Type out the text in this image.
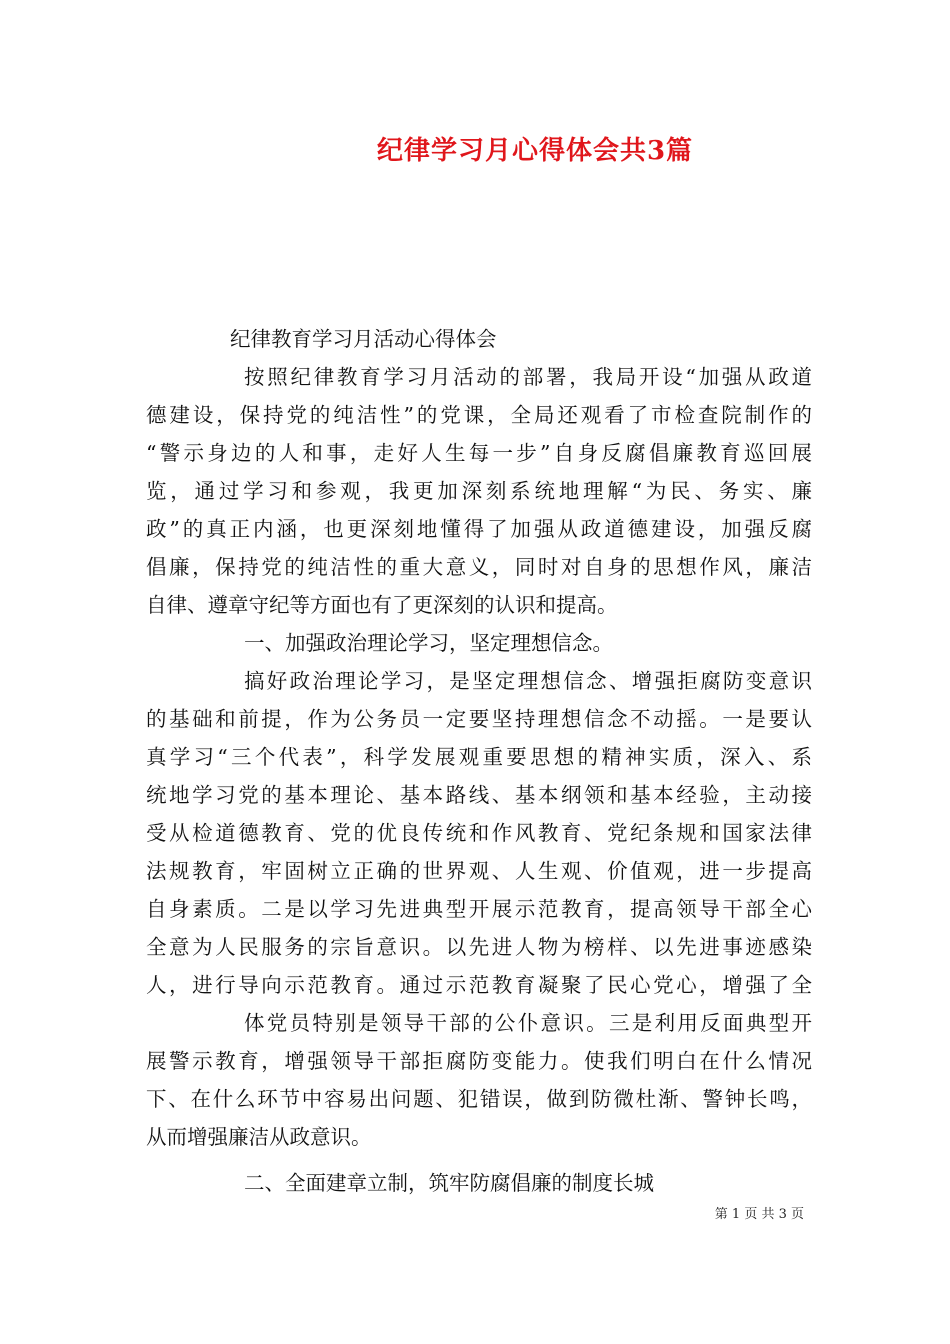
纪律学习月心得体会共3篇

纪律教育学习月活动心得体会

按照纪律教育学习月活动的部署，我局开设“加强从政道

德建设，保持党的纯洁性”的党课，全局还观看了市检查院制作的

“警示身边的人和事，走好人生每一步”自身反腐倡廉教育巡回展

览，通过学习和参观，我更加深刻系统地理解“为民、务实、廉

政”的真正内涵，也更深刻地懂得了加强从政道德建设，加强反腐

倡廉，保持党的纯洁性的重大意义，同时对自身的思想作风，廉洁

自律、遵章守纪等方面也有了更深刻的认识和提高。

一、加强政治理论学习，坚定理想信念。

搞好政治理论学习，是坚定理想信念、增强拒腐防变意识

的基础和前提，作为公务员一定要坚持理想信念不动摇。一是要认

真学习“三个代表”，科学发展观重要思想的精神实质，深入、系

统地学习党的基本理论、基本路线、基本纲领和基本经验，主动接

受从检道德教育、党的优良传统和作风教育、党纪条规和国家法律

法规教育，牢固树立正确的世界观、人生观、价值观，进一步提高

自身素质。二是以学习先进典型开展示范教育，提高领导干部全心

全意为人民服务的宗旨意识。以先进人物为榜样、以先进事迹感染

人，进行导向示范教育。通过示范教育凝聚了民心党心，增强了全

体党员特别是领导干部的公仆意识。三是利用反面典型开

展警示教育，增强领导干部拒腐防变能力。使我们明白在什么情况

下、在什么环节中容易出问题、犯错误，做到防微杜渐、警钟长鸣，

从而增强廉洁从政意识。

二、全面建章立制，筑牢防腐倡廉的制度长城

第 1 页 共 3 页
